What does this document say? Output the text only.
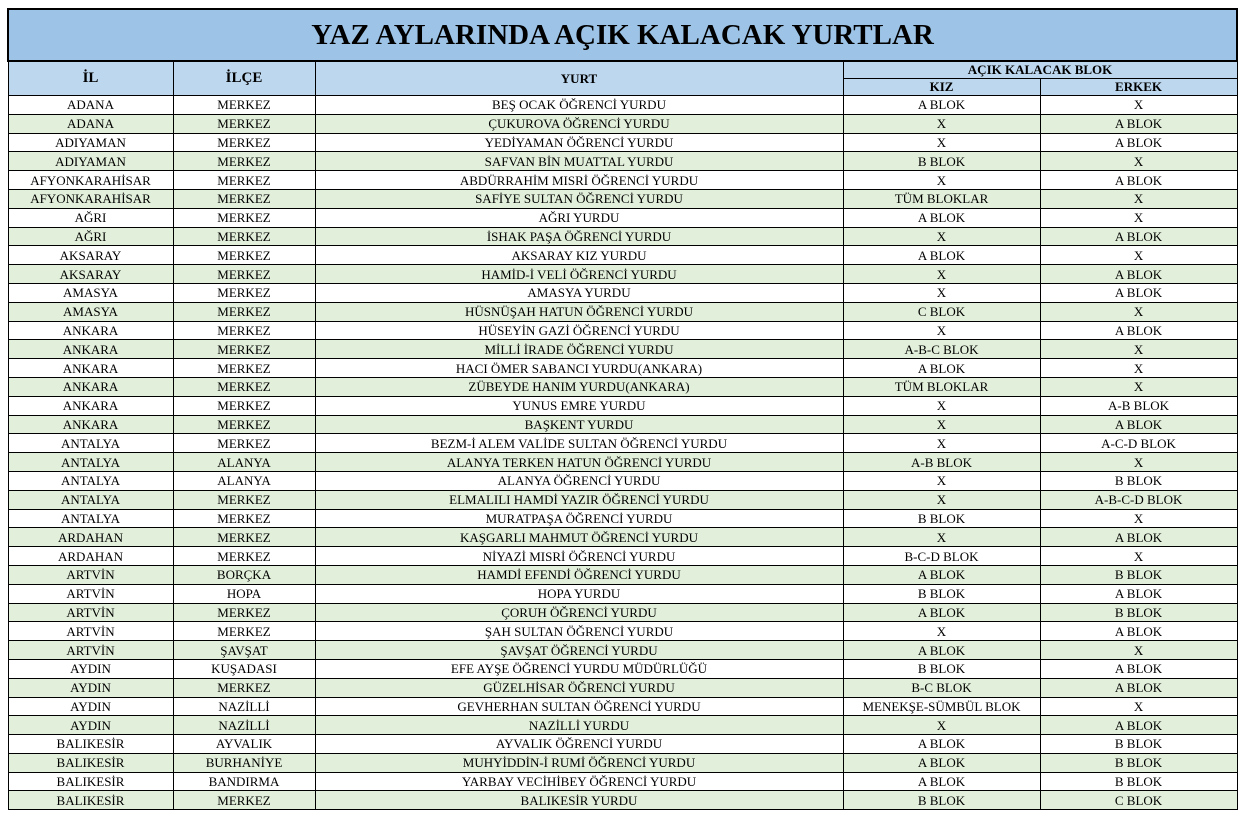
YAZ AYLARINDA AÇIK KALACAK YURTLAR				
İL	İLÇE	YURT	AÇIK KALACAK BLOK	
			KIZ	ERKEK
ADANA	MERKEZ	BEŞ OCAK ÖĞRENCİ YURDU	A BLOK	X
ADANA	MERKEZ	ÇUKUROVA ÖĞRENCİ YURDU	X	A BLOK
ADIYAMAN	MERKEZ	YEDİYAMAN ÖĞRENCİ YURDU	X	A BLOK
ADIYAMAN	MERKEZ	SAFVAN BİN MUATTAL YURDU	B BLOK	X
AFYONKARAHİSAR	MERKEZ	ABDÜRRAHİM MISRİ ÖĞRENCİ YURDU	X	A BLOK
AFYONKARAHİSAR	MERKEZ	SAFİYE SULTAN ÖĞRENCİ YURDU	TÜM BLOKLAR	X
AĞRI	MERKEZ	AĞRI YURDU	A BLOK	X
AĞRI	MERKEZ	İSHAK PAŞA ÖĞRENCİ YURDU	X	A BLOK
AKSARAY	MERKEZ	AKSARAY KIZ YURDU	A BLOK	X
AKSARAY	MERKEZ	HAMİD-İ VELİ ÖĞRENCİ YURDU	X	A BLOK
AMASYA	MERKEZ	AMASYA YURDU	X	A BLOK
AMASYA	MERKEZ	HÜSNÜŞAH HATUN ÖĞRENCİ YURDU	C BLOK	X
ANKARA	MERKEZ	HÜSEYİN GAZİ ÖĞRENCİ YURDU	X	A BLOK
ANKARA	MERKEZ	MİLLİ İRADE ÖĞRENCİ YURDU	A-B-C BLOK	X
ANKARA	MERKEZ	HACI ÖMER SABANCI YURDU(ANKARA)	A BLOK	X
ANKARA	MERKEZ	ZÜBEYDE HANIM YURDU(ANKARA)	TÜM BLOKLAR	X
ANKARA	MERKEZ	YUNUS EMRE YURDU	X	A-B BLOK
ANKARA	MERKEZ	BAŞKENT YURDU	X	A BLOK
ANTALYA	MERKEZ	BEZM-İ ALEM VALİDE SULTAN ÖĞRENCİ YURDU	X	A-C-D BLOK
ANTALYA	ALANYA	ALANYA TERKEN HATUN ÖĞRENCİ YURDU	A-B BLOK	X
ANTALYA	ALANYA	ALANYA ÖĞRENCİ YURDU	X	B BLOK
ANTALYA	MERKEZ	ELMALILI HAMDİ YAZIR ÖĞRENCİ YURDU	X	A-B-C-D BLOK
ANTALYA	MERKEZ	MURATPAŞA ÖĞRENCİ YURDU	B BLOK	X
ARDAHAN	MERKEZ	KAŞGARLI MAHMUT ÖĞRENCİ YURDU	X	A BLOK
ARDAHAN	MERKEZ	NİYAZİ MISRİ ÖĞRENCİ YURDU	B-C-D BLOK	X
ARTVİN	BORÇKA	HAMDİ EFENDİ ÖĞRENCİ YURDU	A BLOK	B BLOK
ARTVİN	HOPA	HOPA YURDU	B BLOK	A BLOK
ARTVİN	MERKEZ	ÇORUH ÖĞRENCİ YURDU	A BLOK	B BLOK
ARTVİN	MERKEZ	ŞAH SULTAN ÖĞRENCİ YURDU	X	A BLOK
ARTVİN	ŞAVŞAT	ŞAVŞAT ÖĞRENCİ YURDU	A BLOK	X
AYDIN	KUŞADASI	EFE AYŞE ÖĞRENCİ YURDU MÜDÜRLÜĞÜ	B BLOK	A BLOK
AYDIN	MERKEZ	GÜZELHİSAR ÖĞRENCİ YURDU	B-C BLOK	A BLOK
AYDIN	NAZİLLİ	GEVHERHAN SULTAN ÖĞRENCİ YURDU	MENEKŞE-SÜMBÜL BLOK	X
AYDIN	NAZİLLİ	NAZİLLİ YURDU	X	A BLOK
BALIKESİR	AYVALIK	AYVALIK ÖĞRENCİ YURDU	A BLOK	B BLOK
BALIKESİR	BURHANİYE	MUHYİDDİN-İ RUMİ ÖĞRENCİ YURDU	A BLOK	B BLOK
BALIKESİR	BANDIRMA	YARBAY VECİHİBEY ÖĞRENCİ YURDU	A BLOK	B BLOK
BALIKESİR	MERKEZ	BALIKESİR YURDU	B BLOK	C BLOK
